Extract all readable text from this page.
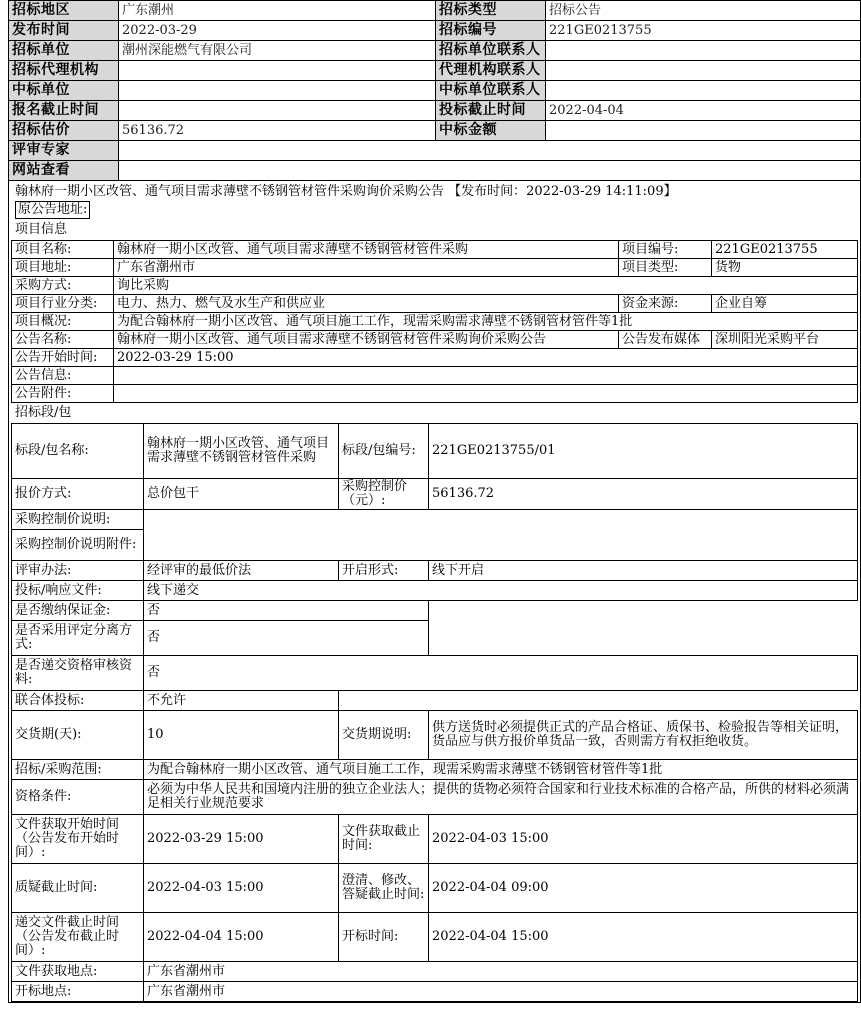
招标地区	广东潮州	招标类型	招标公告
发布时间	2022-03-29	招标编号	221GE0213755
招标单位	潮州深能燃气有限公司	招标单位联系人	
招标代理机构		代理机构联系人	
中标单位		中标单位联系人	
报名截止时间		投标截止时间	2022-04-04
招标估价	56136.72	中标金额	
评审专家			
网站查看			
翰林府一期小区改管、通气项目需求薄壁不锈钢管材管件采购询价采购公告 【发布时间：2022-03-29 14:11:09】
原公告地址:
项目信息
项目名称:	翰林府一期小区改管、通气项目需求薄壁不锈钢管材管件采购	项目编号:	221GE0213755
项目地址:	广东省潮州市	项目类型:	货物
采购方式:	询比采购		
项目行业分类:	电力、热力、燃气及水生产和供应业	资金来源:	企业自筹
项目概况:	为配合翰林府一期小区改管、通气项目施工工作，现需采购需求薄壁不锈钢管材管件等1批		
公告名称:	翰林府一期小区改管、通气项目需求薄壁不锈钢管材管件采购询价采购公告	公告发布媒体	深圳阳光采购平台
公告开始时间:	2022-03-29 15:00		
公告信息:			
公告附件:			
招标段/包
标段/包名称:	翰林府一期小区改管、通气项目需求薄壁不锈钢管材管件采购	标段/包编号:	221GE0213755/01
报价方式:	总价包干	采购控制价（元）:	56136.72
采购控制价说明:			
采购控制价说明附件:			
评审办法:	经评审的最低价法	开启形式:	线下开启
投标/响应文件:	线下递交		
是否缴纳保证金:	否		
是否采用评定分离方式:	否		
是否递交资格审核资料:	否		
联合体投标:	不允许		
交货期(天):	10	交货期说明:	供方送货时必须提供正式的产品合格证、质保书、检验报告等相关证明，货品应与供方报价单货品一致，否则需方有权拒绝收货。
招标/采购范围:	为配合翰林府一期小区改管、通气项目施工工作，现需采购需求薄壁不锈钢管材管件等1批		
资格条件:	必须为中华人民共和国境内注册的独立企业法人；提供的货物必须符合国家和行业技术标准的合格产品，所供的材料必须满足相关行业规范要求		
文件获取开始时间（公告发布开始时间）:	2022-03-29 15:00	文件获取截止时间:	2022-04-03 15:00
质疑截止时间:	2022-04-03 15:00	澄清、修改、答疑截止时间:	2022-04-04 09:00
递交文件截止时间（公告发布截止时间）:	2022-04-04 15:00	开标时间:	2022-04-04 15:00
文件获取地点:	广东省潮州市		
开标地点:	广东省潮州市		
